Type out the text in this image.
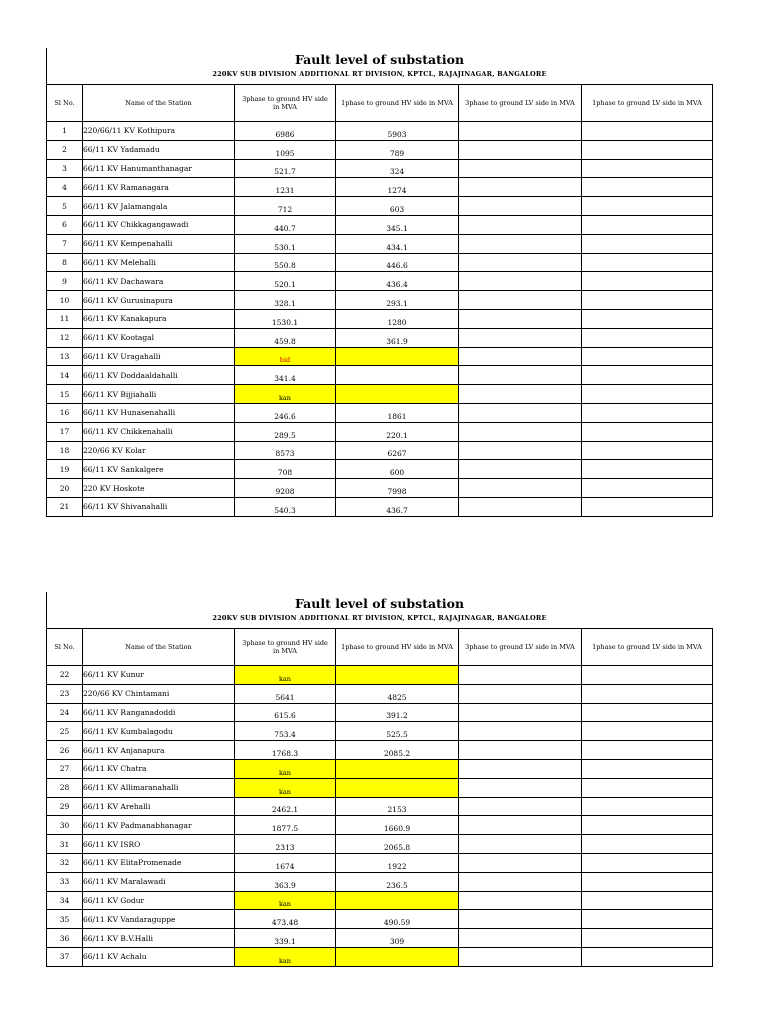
Fault level of substation
220KV SUB DIVISION ADDITIONAL RT DIVISION, KPTCL, RAJAJINAGAR, BANGALORE
Sl No.	Name of the Station	3phase to ground HV side in MVA	1phase to ground HV side in MVA	3phase to ground LV side in MVA	1phase to ground LV side in MVA
1	220/66/11 KV Kothipura	6986	5903		
2	66/11 KV Yadamadu	1095	789		
3	66/11 KV Hanumanthanagar	521.7	324		
4	66/11 KV Ramanagara	1231	1274		
5	66/11 KV Jalamangala	712	603		
6	66/11 KV Chikkagangawadi	440.7	345.1		
7	66/11 KV Kempenahalli	530.1	434.1		
8	66/11 KV Melehalli	550.8	446.6		
9	66/11 KV Dachawara	520.1	436.4		
10	66/11 KV Gurusinapura	328.1	293.1		
11	66/11 KV Kanakapura	1530.1	1280		
12	66/11 KV Kootagal	459.8	361.9		
13	66/11 KV Uragahalli	bid			
14	66/11 KV Doddaaldahalli	341.4			
15	66/11 KV Bijjiahalli	kan			
16	66/11 KV Hunasenahalli	246.6	1861		
17	66/11 KV Chikkenahalli	289.5	220.1		
18	220/66 KV Kolar	8573	6267		
19	66/11 KV Sankalgere	708	600		
20	220 KV Hoskote	9208	7998		
21	66/11 KV Shivanahalli	540.3	436.7		
Fault level of substation
220KV SUB DIVISION ADDITIONAL RT DIVISION, KPTCL, RAJAJINAGAR, BANGALORE
Sl No.	Name of the Station	3phase to ground HV side in MVA	1phase to ground HV side in MVA	3phase to ground LV side in MVA	1phase to ground LV side in MVA
22	66/11 KV Kunur	kan			
23	220/66 KV Chintamani	5641	4825		
24	66/11 KV Ranganadoddi	615.6	391.2		
25	66/11 KV Kumbalagodu	753.4	525.5		
26	66/11 KV Anjanapura	1768.3	2085.2		
27	66/11 KV Chatra	kan			
28	66/11 KV Allimaranahalli	kan			
29	66/11 KV Arehalli	2462.1	2153		
30	66/11 KV Padmanabhanagar	1877.5	1660.9		
31	66/11 KV ISRO	2313	2065.8		
32	66/11 KV ElitaPromenade	1674	1922		
33	66/11 KV Maralawadi	363.9	236.5		
34	66/11 KV Godur	kan			
35	66/11 KV Vandaraguppe	473.48	490.59		
36	66/11 KV B.V.Halli	339.1	309		
37	66/11 KV Achalu	kan			
